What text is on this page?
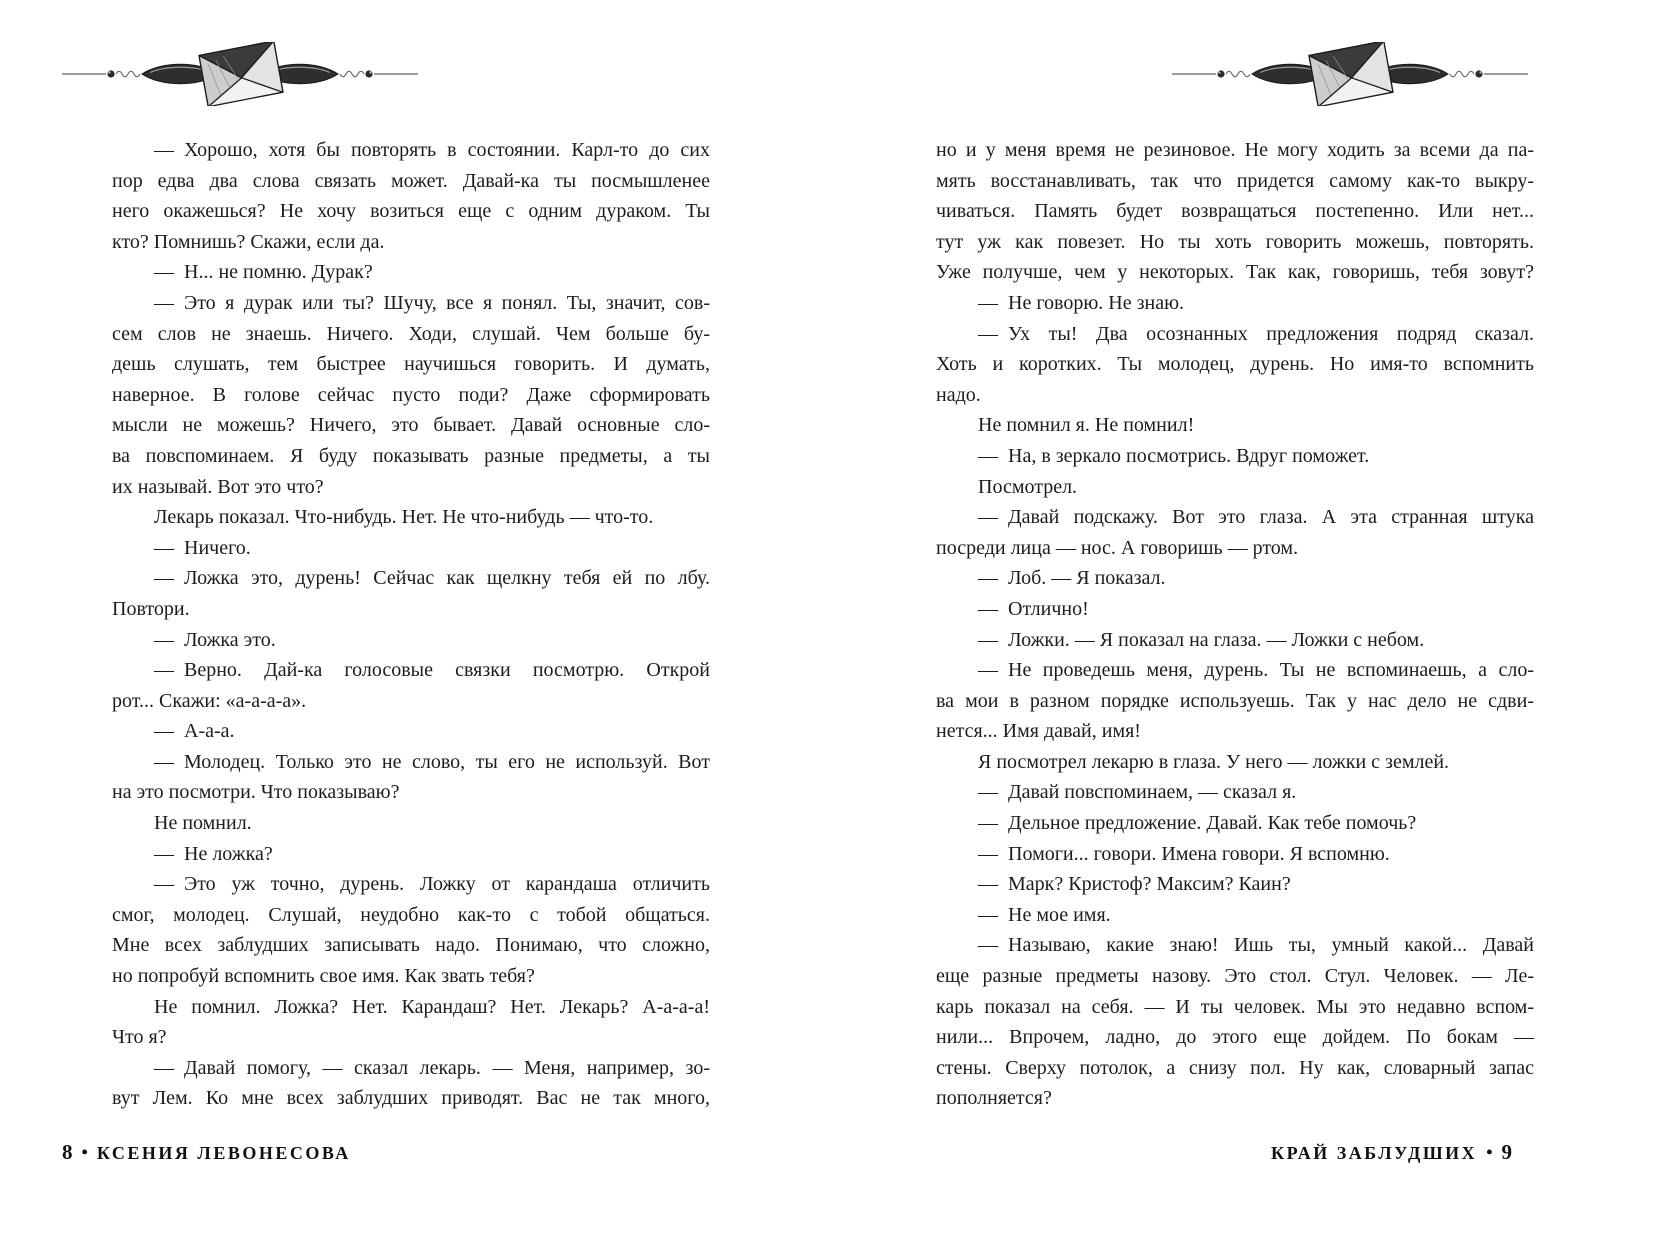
— Хорошо, хотя бы повторять в состоянии. Карл-то до сих
пор едва два слова связать может. Давай-ка ты посмышленее
него окажешься? Не хочу возиться еще с одним дураком. Ты
кто? Помнишь? Скажи, если да.
— Н... не помню. Дурак?
— Это я дурак или ты? Шучу, все я понял. Ты, значит, сов-
сем слов не знаешь. Ничего. Ходи, слушай. Чем больше бу-
дешь слушать, тем быстрее научишься говорить. И думать,
наверное. В голове сейчас пусто поди? Даже сформировать
мысли не можешь? Ничего, это бывает. Давай основные сло-
ва повспоминаем. Я буду показывать разные предметы, а ты
их называй. Вот это что?
Лекарь показал. Что-нибудь. Нет. Не что-нибудь — что-то.
— Ничего.
— Ложка это, дурень! Сейчас как щелкну тебя ей по лбу.
Повтори.
— Ложка это.
— Верно. Дай-ка голосовые связки посмотрю. Открой
рот... Скажи: «а-а-а-а».
— А-а-а.
— Молодец. Только это не слово, ты его не используй. Вот
на это посмотри. Что показываю?
Не помнил.
— Не ложка?
— Это уж точно, дурень. Ложку от карандаша отличить
смог, молодец. Слушай, неудобно как-то с тобой общаться.
Мне всех заблудших записывать надо. Понимаю, что сложно,
но попробуй вспомнить свое имя. Как звать тебя?
Не помнил. Ложка? Нет. Карандаш? Нет. Лекарь? А-а-а-а!
Что я?
— Давай помогу, — сказал лекарь. — Меня, например, зо-
вут Лем. Ко мне всех заблудших приводят. Вас не так много,
но и у меня время не резиновое. Не могу ходить за всеми да па-
мять восстанавливать, так что придется самому как-то выкру-
чиваться. Память будет возвращаться постепенно. Или нет...
тут уж как повезет. Но ты хоть говорить можешь, повторять.
Уже получше, чем у некоторых. Так как, говоришь, тебя зовут?
— Не говорю. Не знаю.
— Ух ты! Два осознанных предложения подряд сказал.
Хоть и коротких. Ты молодец, дурень. Но имя-то вспомнить
надо.
Не помнил я. Не помнил!
— На, в зеркало посмотрись. Вдруг поможет.
Посмотрел.
— Давай подскажу. Вот это глаза. А эта странная штука
посреди лица — нос. А говоришь — ртом.
— Лоб. — Я показал.
— Отлично!
— Ложки. — Я показал на глаза. — Ложки с небом.
— Не проведешь меня, дурень. Ты не вспоминаешь, а сло-
ва мои в разном порядке используешь. Так у нас дело не сдви-
нется... Имя давай, имя!
Я посмотрел лекарю в глаза. У него — ложки с землей.
— Давай повспоминаем, — сказал я.
— Дельное предложение. Давай. Как тебе помочь?
— Помоги... говори. Имена говори. Я вспомню.
— Марк? Кристоф? Максим? Каин?
— Не мое имя.
— Называю, какие знаю! Ишь ты, умный какой... Давай
еще разные предметы назову. Это стол. Стул. Человек. — Ле-
карь показал на себя. — И ты человек. Мы это недавно вспом-
нили... Впрочем, ладно, до этого еще дойдем. По бокам —
стены. Сверху потолок, а снизу пол. Ну как, словарный запас
пополняется?
8 • КСЕНИЯ ЛЕВОНЕСОВА	КРАЙ ЗАБЛУДШИХ • 9
